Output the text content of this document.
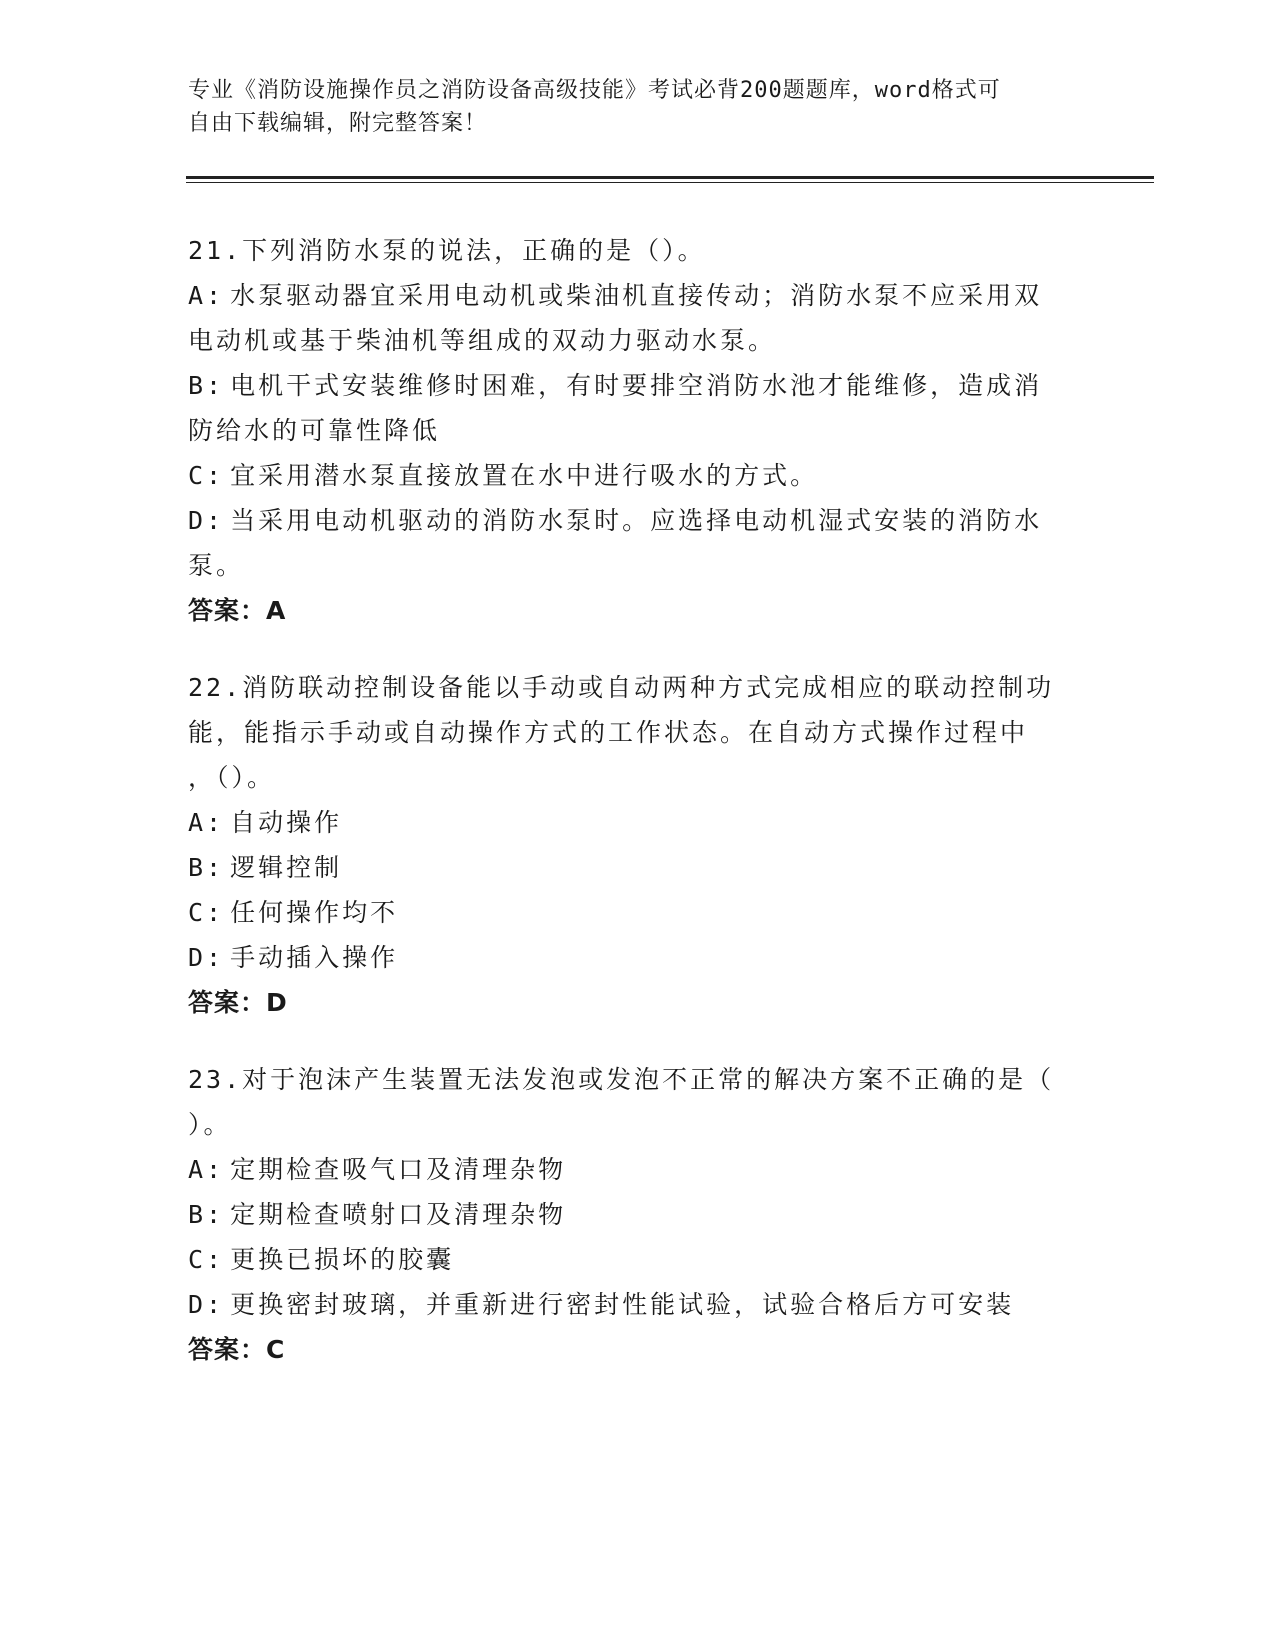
专业《消防设施操作员之消防设备高级技能》考试必背200题题库，word格式可
自由下载编辑，附完整答案！
21.下列消防水泵的说法，正确的是（）。
A: 水泵驱动器宜采用电动机或柴油机直接传动；消防水泵不应采用双
电动机或基于柴油机等组成的双动力驱动水泵。
B: 电机干式安装维修时困难，有时要排空消防水池才能维修，造成消
防给水的可靠性降低
C: 宜采用潜水泵直接放置在水中进行吸水的方式。
D: 当采用电动机驱动的消防水泵时。应选择电动机湿式安装的消防水
泵。
答案：A
22.消防联动控制设备能以手动或自动两种方式完成相应的联动控制功
能，能指示手动或自动操作方式的工作状态。在自动方式操作过程中
，（）。
A: 自动操作
B: 逻辑控制
C: 任何操作均不
D: 手动插入操作
答案：D
23.对于泡沫产生装置无法发泡或发泡不正常的解决方案不正确的是（
）。
A: 定期检查吸气口及清理杂物
B: 定期检查喷射口及清理杂物
C: 更换已损坏的胶囊
D: 更换密封玻璃，并重新进行密封性能试验，试验合格后方可安装
答案：C
